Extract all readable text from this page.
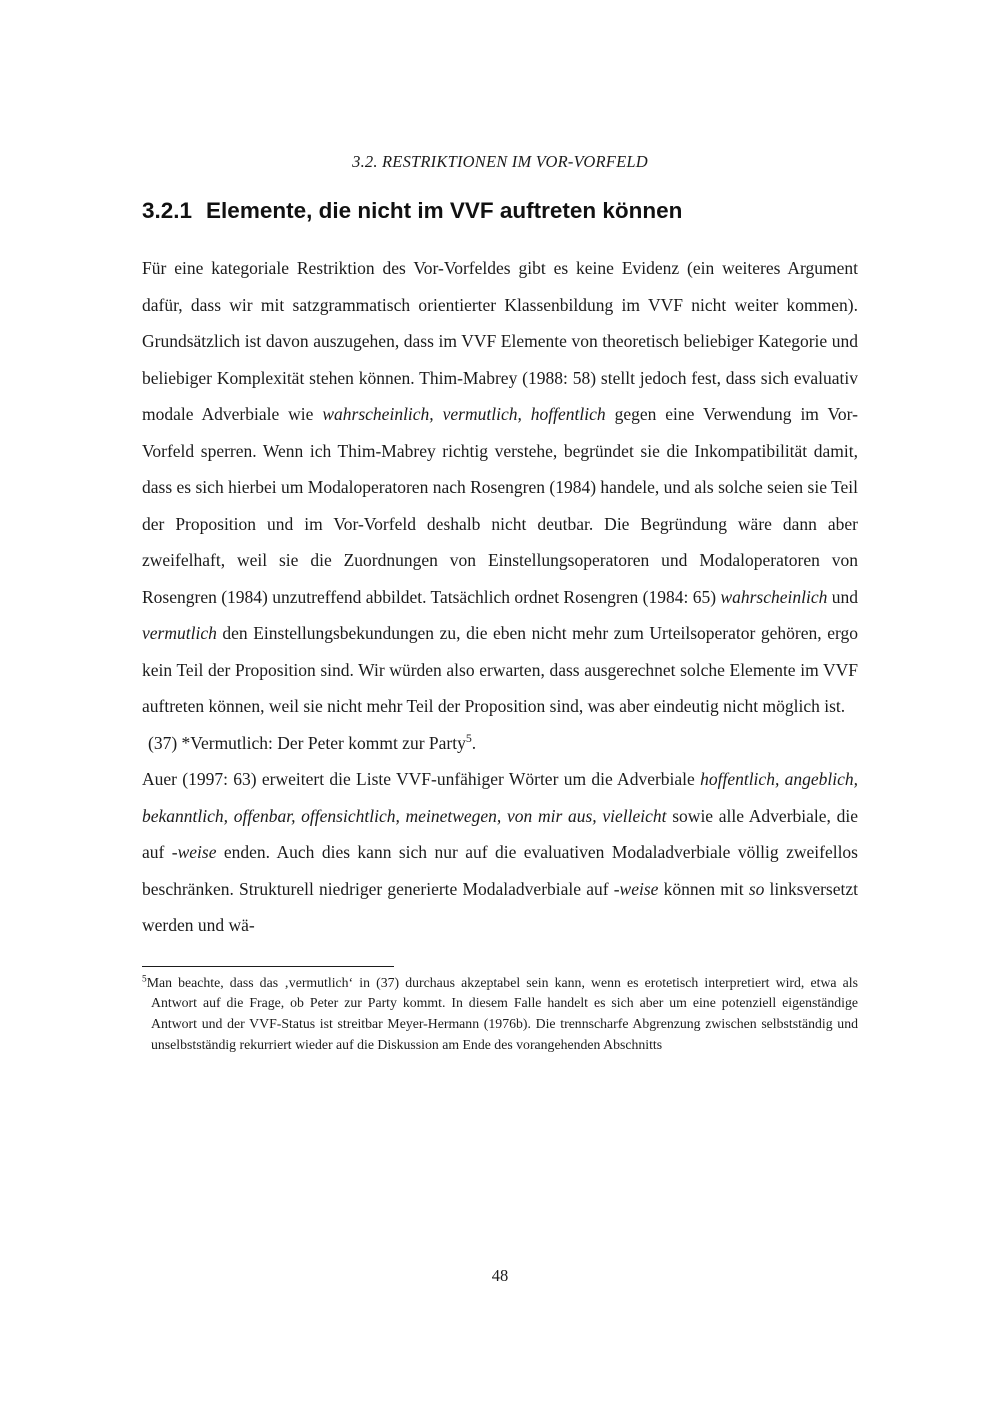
3.2. RESTRIKTIONEN IM VOR-VORFELD
3.2.1 Elemente, die nicht im VVF auftreten können

Für eine kategoriale Restriktion des Vor-Vorfeldes gibt es keine Evidenz (ein weiteres Argument dafür, dass wir mit satzgrammatisch orientierter Klassenbildung im VVF nicht weiter kommen). Grundsätzlich ist davon auszugehen, dass im VVF Elemente von theoretisch beliebiger Kategorie und beliebiger Komplexität stehen können. Thim-Mabrey (1988: 58) stellt jedoch fest, dass sich evaluativ modale Adverbiale wie wahrscheinlich, vermutlich, hoffentlich gegen eine Verwendung im Vor-Vorfeld sperren. Wenn ich Thim-Mabrey richtig verstehe, begründet sie die Inkompatibilität damit, dass es sich hierbei um Modaloperatoren nach Rosengren (1984) handele, und als solche seien sie Teil der Proposition und im Vor-Vorfeld deshalb nicht deutbar. Die Begründung wäre dann aber zweifelhaft, weil sie die Zuordnungen von Einstellungsoperatoren und Modaloperatoren von Rosengren (1984) unzutreffend abbildet. Tatsächlich ordnet Rosengren (1984: 65) wahrscheinlich und vermutlich den Einstellungsbekundungen zu, die eben nicht mehr zum Urteilsoperator gehören, ergo kein Teil der Proposition sind. Wir würden also erwarten, dass ausgerechnet solche Elemente im VVF auftreten können, weil sie nicht mehr Teil der Proposition sind, was aber eindeutig nicht möglich ist.

(37) *Vermutlich: Der Peter kommt zur Party$^5$.

Auer (1997: 63) erweitert die Liste VVF-unfähiger Wörter um die Adverbiale hoffentlich, angeblich, bekanntlich, offenbar, offensichtlich, meinetwegen, von mir aus, vielleicht sowie alle Adverbiale, die auf -weise enden. Auch dies kann sich nur auf die evaluativen Modaladverbiale völlig zweifellos beschränken. Strukturell niedriger generierte Modaladverbiale auf -weise können mit so linksversetzt werden und wä-

$^5$Man beachte, dass das ‚vermutlich‘ in (37) durchaus akzeptabel sein kann, wenn es erotetisch interpretiert wird, etwa als Antwort auf die Frage, ob Peter zur Party kommt. In diesem Falle handelt es sich aber um eine potenziell eigenständige Antwort und der VVF-Status ist streitbar Meyer-Hermann (1976b). Die trennscharfe Abgrenzung zwischen selbstständig und unselbstständig rekurriert wieder auf die Diskussion am Ende des vorangehenden Abschnitts

48
